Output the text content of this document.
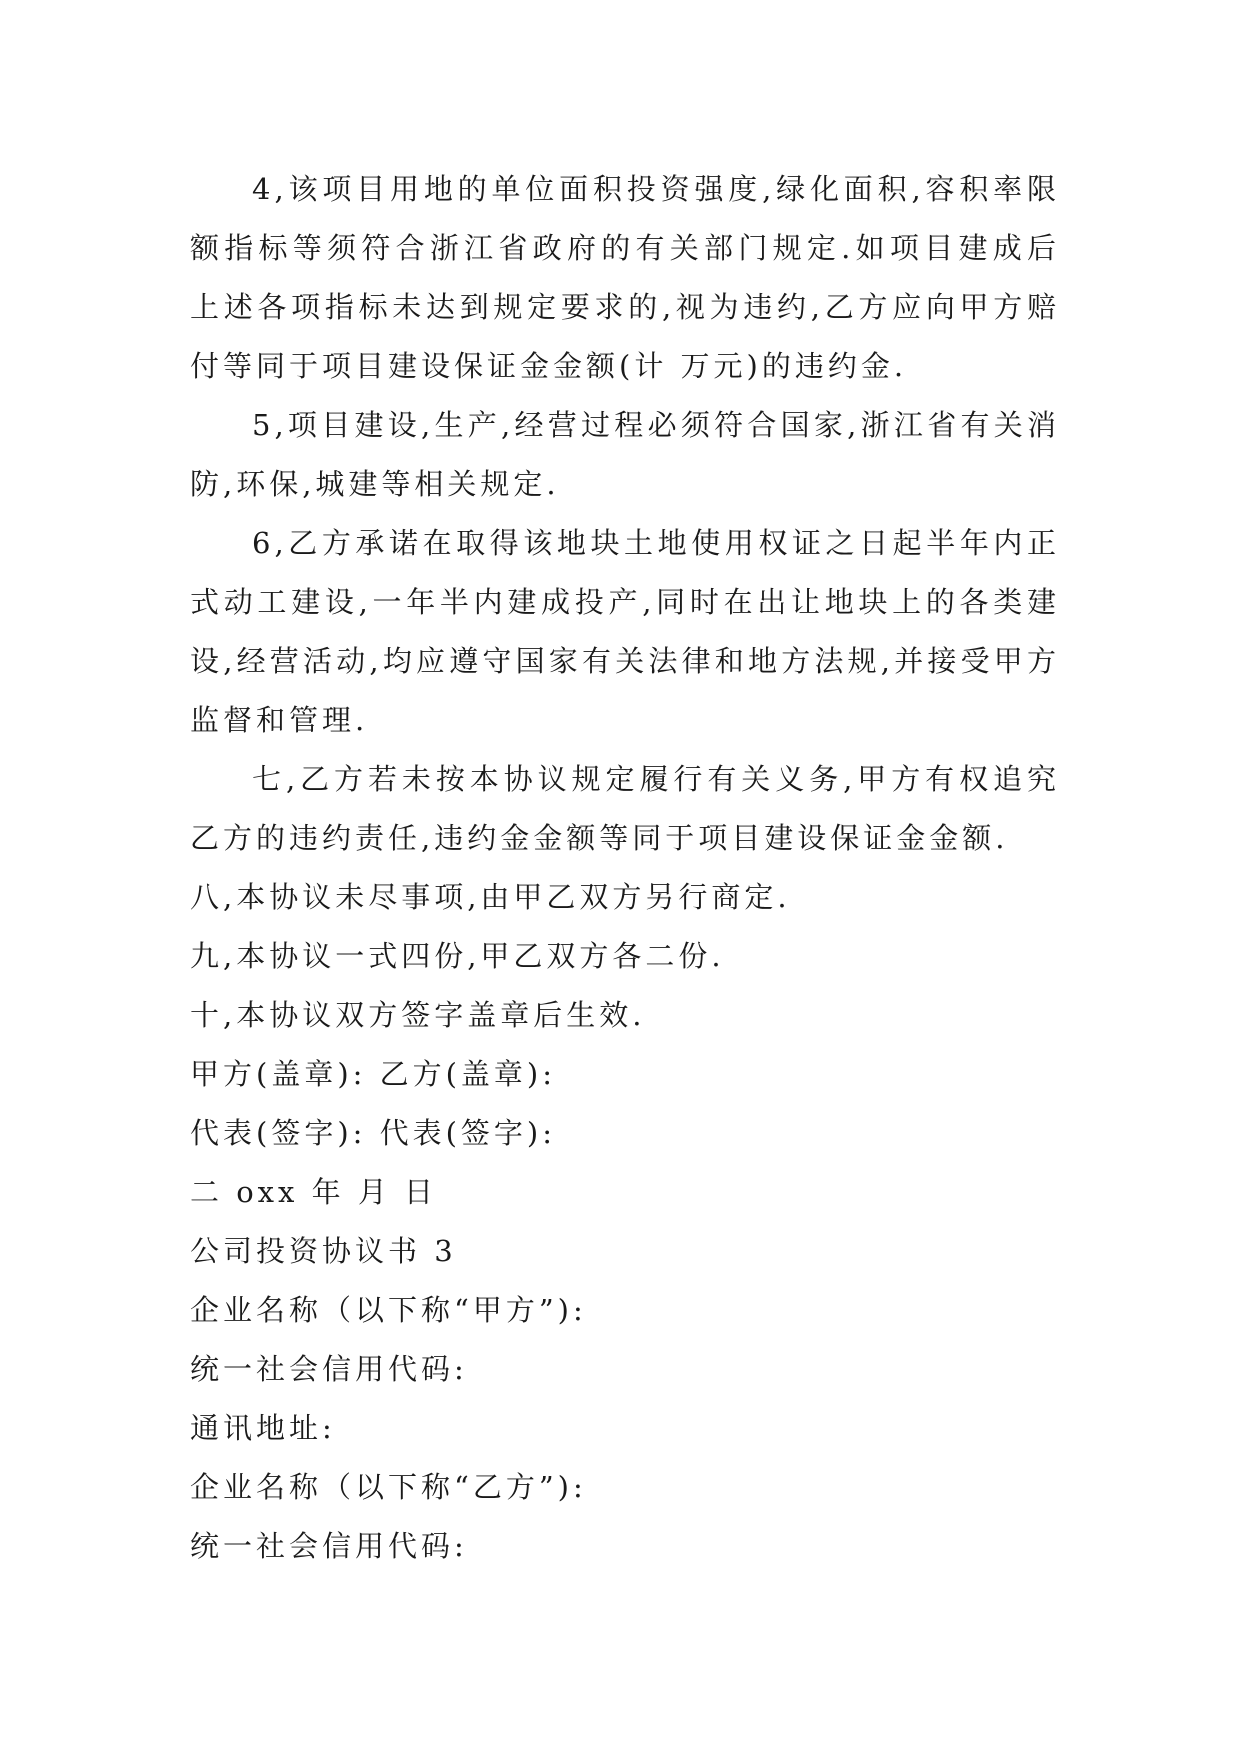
4,该项目用地的单位面积投资强度,绿化面积,容积率限额指标等须符合浙江省政府的有关部门规定.如项目建成后上述各项指标未达到规定要求的,视为违约,乙方应向甲方赔付等同于项目建设保证金金额(计 万元)的违约金.

5,项目建设,生产,经营过程必须符合国家,浙江省有关消防,环保,城建等相关规定.

6,乙方承诺在取得该地块土地使用权证之日起半年内正式动工建设,一年半内建成投产,同时在出让地块上的各类建设,经营活动,均应遵守国家有关法律和地方法规,并接受甲方监督和管理.

七,乙方若未按本协议规定履行有关义务,甲方有权追究乙方的违约责任,违约金金额等同于项目建设保证金金额.

八,本协议未尽事项,由甲乙双方另行商定.

九,本协议一式四份,甲乙双方各二份.

十,本协议双方签字盖章后生效.

甲方(盖章): 乙方(盖章):

代表(签字): 代表(签字):

二 oxx 年 月 日

公司投资协议书 3

企业名称（以下称“甲方”):

统一社会信用代码:

通讯地址:

企业名称（以下称“乙方”):

统一社会信用代码:
